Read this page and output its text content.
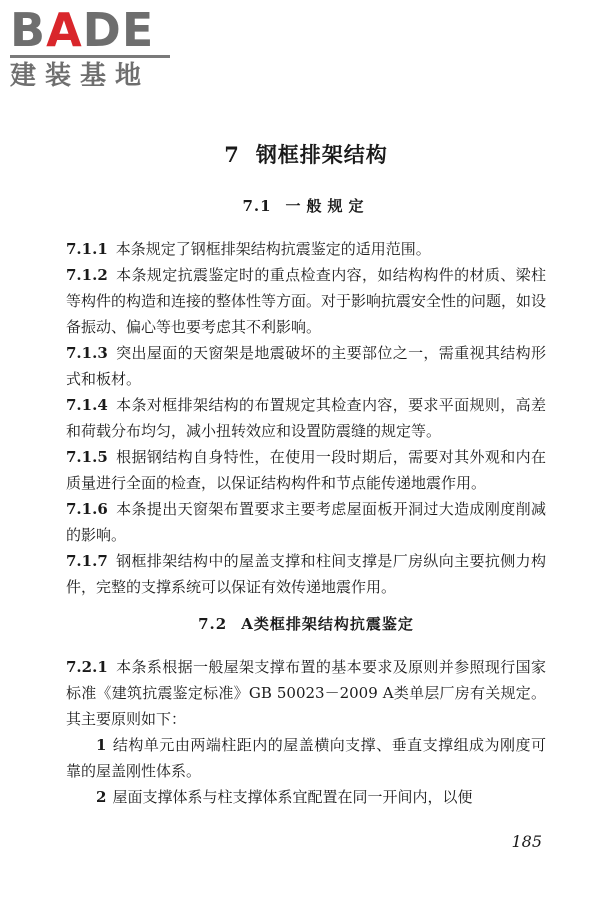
BADE
建装基地
7 钢框排架结构
7.1 一般规定

7.1.1 本条规定了钢框排架结构抗震鉴定的适用范围。

7.1.2 本条规定抗震鉴定时的重点检查内容，如结构构件的材质、梁柱等构件的构造和连接的整体性等方面。对于影响抗震安全性的问题，如设备振动、偏心等也要考虑其不利影响。

7.1.3 突出屋面的天窗架是地震破坏的主要部位之一，需重视其结构形式和板材。

7.1.4 本条对框排架结构的布置规定其检查内容，要求平面规则，高差和荷载分布均匀，减小扭转效应和设置防震缝的规定等。

7.1.5 根据钢结构自身特性，在使用一段时期后，需要对其外观和内在质量进行全面的检查，以保证结构构件和节点能传递地震作用。

7.1.6 本条提出天窗架布置要求主要考虑屋面板开洞过大造成刚度削减的影响。

7.1.7 钢框排架结构中的屋盖支撑和柱间支撑是厂房纵向主要抗侧力构件，完整的支撑系统可以保证有效传递地震作用。

7.2 A类框排架结构抗震鉴定

7.2.1 本条系根据一般屋架支撑布置的基本要求及原则并参照现行国家标准《建筑抗震鉴定标准》GB 50023－2009 A类单层厂房有关规定。其主要原则如下：

1 结构单元由两端柱距内的屋盖横向支撑、垂直支撑组成为刚度可靠的屋盖刚性体系。

2 屋面支撑体系与柱支撑体系宜配置在同一开间内，以便

185
